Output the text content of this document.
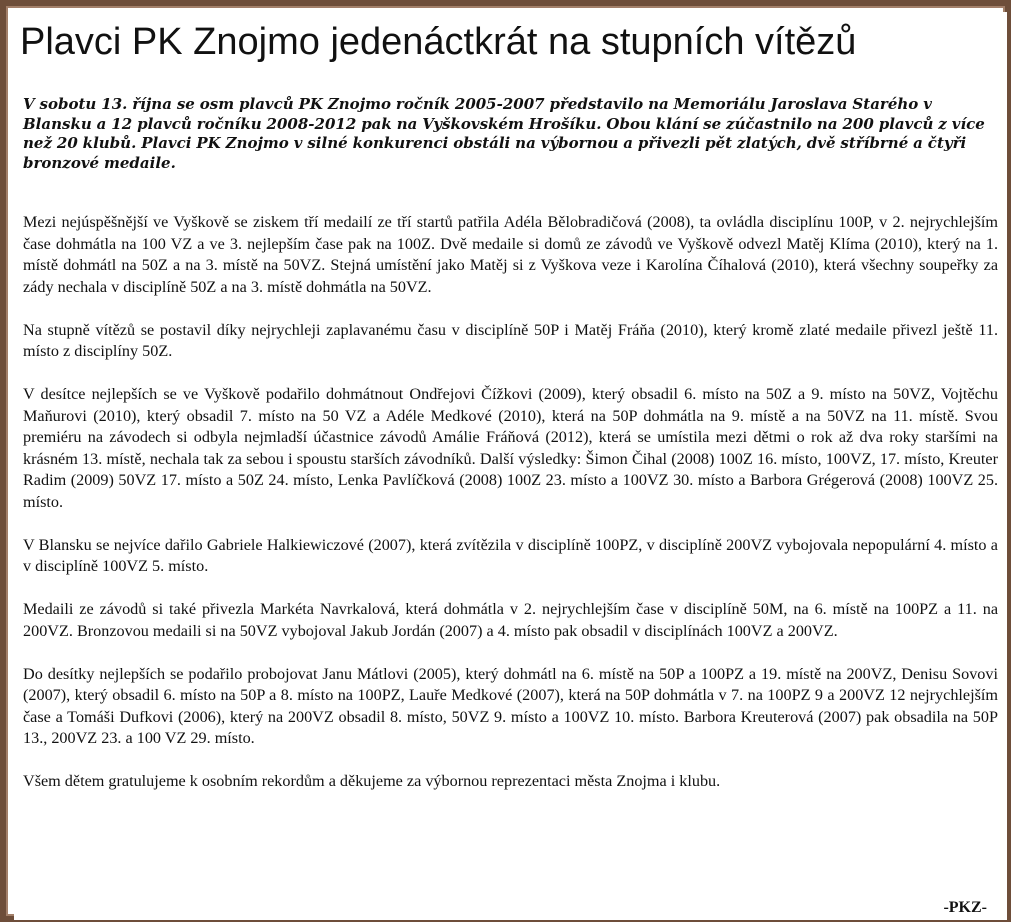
Plavci PK Znojmo jedenáctkrát na stupních vítězů

V sobotu 13. října se osm plavců PK Znojmo ročník 2005-2007 představilo na Memoriálu Jaroslava Starého v Blansku a 12 plavců ročníku 2008-2012 pak na Vyškovském Hrošíku. Obou klání se zúčastnilo na 200 plavců z více než 20 klubů. Plavci PK Znojmo v silné konkurenci obstáli na výbornou a přivezli pět zlatých, dvě stříbrné a čtyři bronzové medaile.

Mezi nejúspěšnější ve Vyškově se ziskem tří medailí ze tří startů patřila Adéla Bělobradičová (2008), ta ovládla disciplínu 100P, v 2. nejrychlejším čase dohmátla na 100 VZ a ve 3. nejlepším čase pak na 100Z. Dvě medaile si domů ze závodů ve Vyškově odvezl Matěj Klíma (2010), který na 1. místě dohmátl na 50Z a na 3. místě na 50VZ. Stejná umístění jako Matěj si z Vyškova veze i Karolína Číhalová (2010), která všechny soupeřky za zády nechala v disciplíně 50Z a na 3. místě dohmátla na 50VZ.

Na stupně vítězů se postavil díky nejrychleji zaplavanému času v disciplíně 50P i Matěj Fráňa (2010), který kromě zlaté medaile přivezl ještě 11. místo z disciplíny 50Z.

V desítce nejlepších se ve Vyškově podařilo dohmátnout Ondřejovi Čížkovi (2009), který obsadil 6. místo na 50Z a 9. místo na 50VZ, Vojtěchu Maňurovi (2010), který obsadil 7. místo na 50 VZ a Adéle Medkové (2010), která na 50P dohmátla na 9. místě a na 50VZ na 11. místě. Svou premiéru na závodech si odbyla nejmladší účastnice závodů Amálie Fráňová (2012), která se umístila mezi dětmi o rok až dva roky staršími na krásném 13. místě, nechala tak za sebou i spoustu starších závodníků. Další výsledky: Šimon Čihal (2008) 100Z 16. místo, 100VZ, 17. místo, Kreuter Radim (2009) 50VZ 17. místo a 50Z 24. místo, Lenka Pavlíčková (2008) 100Z 23. místo a 100VZ 30. místo a Barbora Grégerová (2008) 100VZ 25. místo.

V Blansku se nejvíce dařilo Gabriele Halkiewiczové (2007), která zvítězila v disciplíně 100PZ, v disciplíně 200VZ vybojovala nepopulární 4. místo a v disciplíně 100VZ 5. místo.

Medaili ze závodů si také přivezla Markéta Navrkalová, která dohmátla v 2. nejrychlejším čase v disciplíně 50M, na 6. místě na 100PZ a 11. na 200VZ. Bronzovou medaili si na 50VZ vybojoval Jakub Jordán (2007) a 4. místo pak obsadil v disciplínách 100VZ a 200VZ.

Do desítky nejlepších se podařilo probojovat Janu Mátlovi (2005), který dohmátl na 6. místě na 50P a 100PZ a 19. místě na 200VZ, Denisu Sovovi (2007), který obsadil 6. místo na 50P a 8. místo na 100PZ, Lauře Medkové (2007), která na 50P dohmátla v 7. na 100PZ 9 a 200VZ 12 nejrychlejším čase a Tomáši Dufkovi (2006), který na 200VZ obsadil 8. místo, 50VZ 9. místo a 100VZ 10. místo. Barbora Kreuterová (2007) pak obsadila na 50P 13., 200VZ 23. a 100 VZ 29. místo.

Všem dětem gratulujeme k osobním rekordům a děkujeme za výbornou reprezentaci města Znojma i klubu.

-PKZ-
